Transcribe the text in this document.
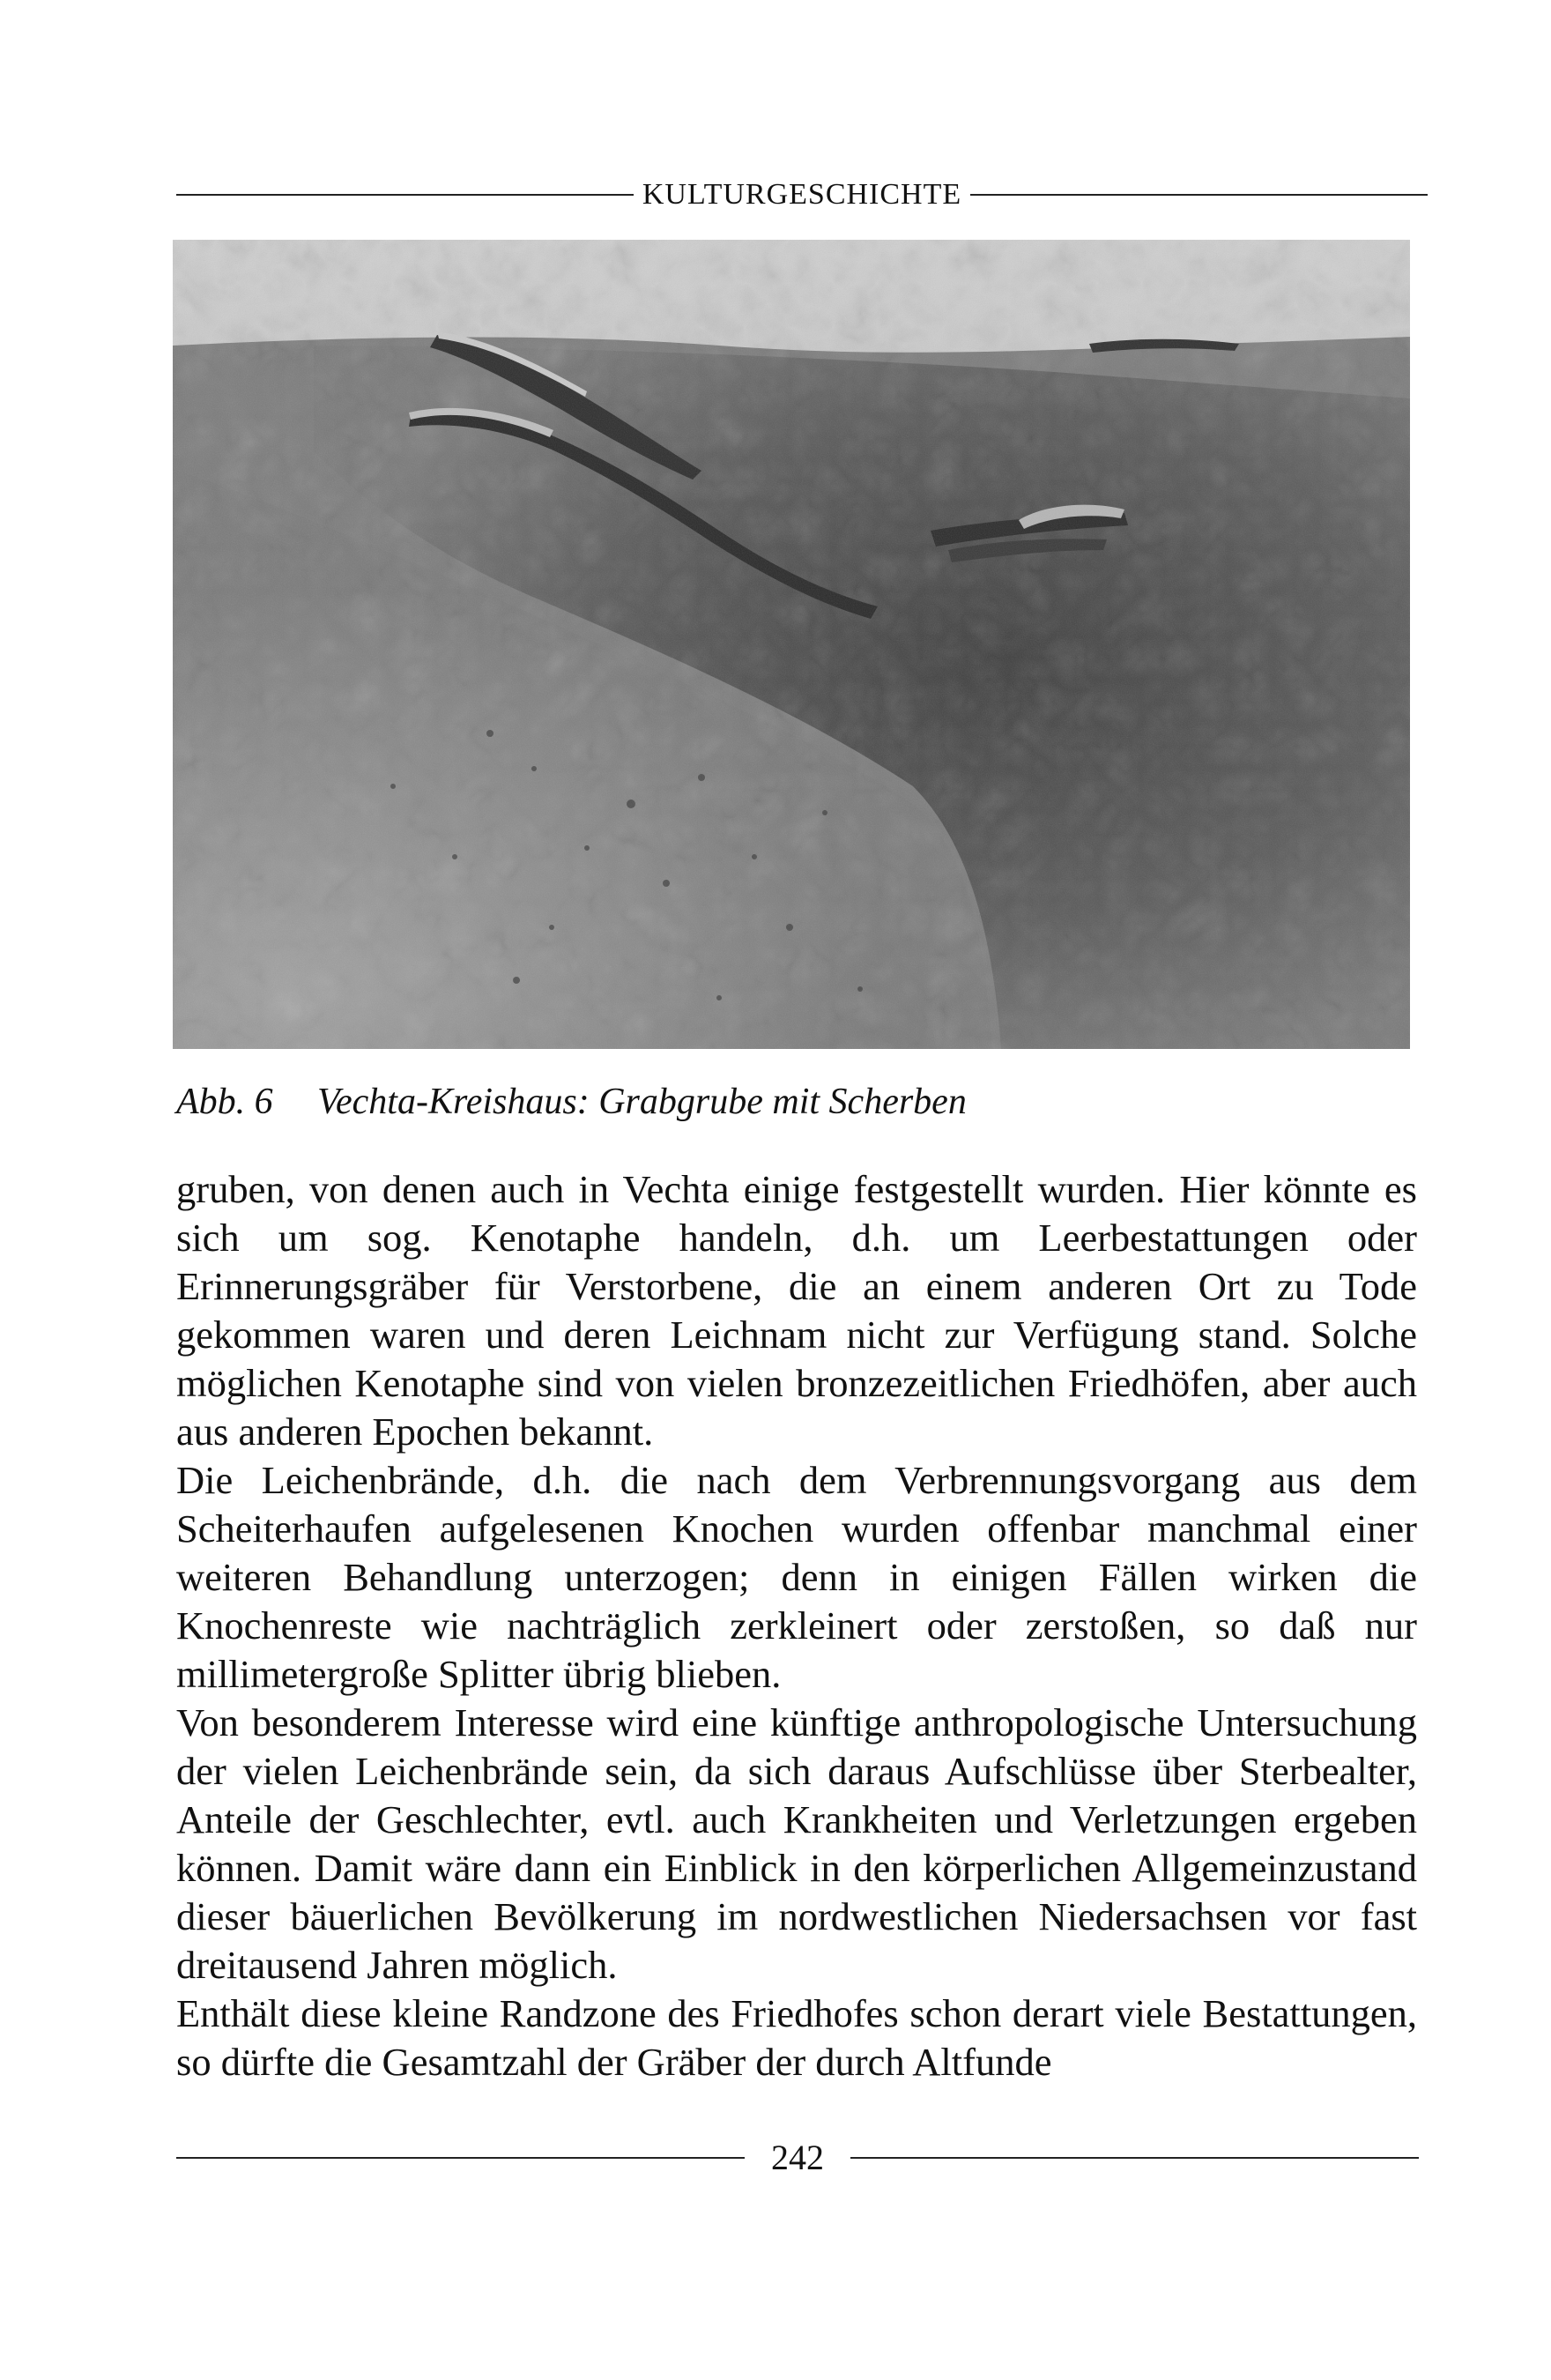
KULTURGESCHICHTE
Abb. 6 Vechta-Kreishaus: Grabgrube mit Scherben

gruben, von denen auch in Vechta einige festgestellt wurden. Hier könnte es sich um sog. Kenotaphe handeln, d.h. um Leerbestattungen oder Erinnerungsgräber für Verstorbene, die an einem anderen Ort zu Tode gekommen waren und deren Leichnam nicht zur Verfügung stand. Solche möglichen Kenotaphe sind von vielen bronzezeitlichen Friedhöfen, aber auch aus anderen Epochen bekannt.

Die Leichenbrände, d.h. die nach dem Verbrennungsvorgang aus dem Scheiterhaufen aufgelesenen Knochen wurden offenbar manchmal einer weiteren Behandlung unterzogen; denn in einigen Fällen wirken die Knochenreste wie nachträglich zerkleinert oder zerstoßen, so daß nur millimetergroße Splitter übrig blieben.

Von besonderem Interesse wird eine künftige anthropologische Untersuchung der vielen Leichenbrände sein, da sich daraus Aufschlüsse über Sterbealter, Anteile der Geschlechter, evtl. auch Krankheiten und Verletzungen ergeben können. Damit wäre dann ein Einblick in den körperlichen Allgemeinzustand dieser bäuerlichen Bevölkerung im nordwestlichen Niedersachsen vor fast dreitausend Jahren möglich.

Enthält diese kleine Randzone des Friedhofes schon derart viele Bestattungen, so dürfte die Gesamtzahl der Gräber der durch Altfunde

242
